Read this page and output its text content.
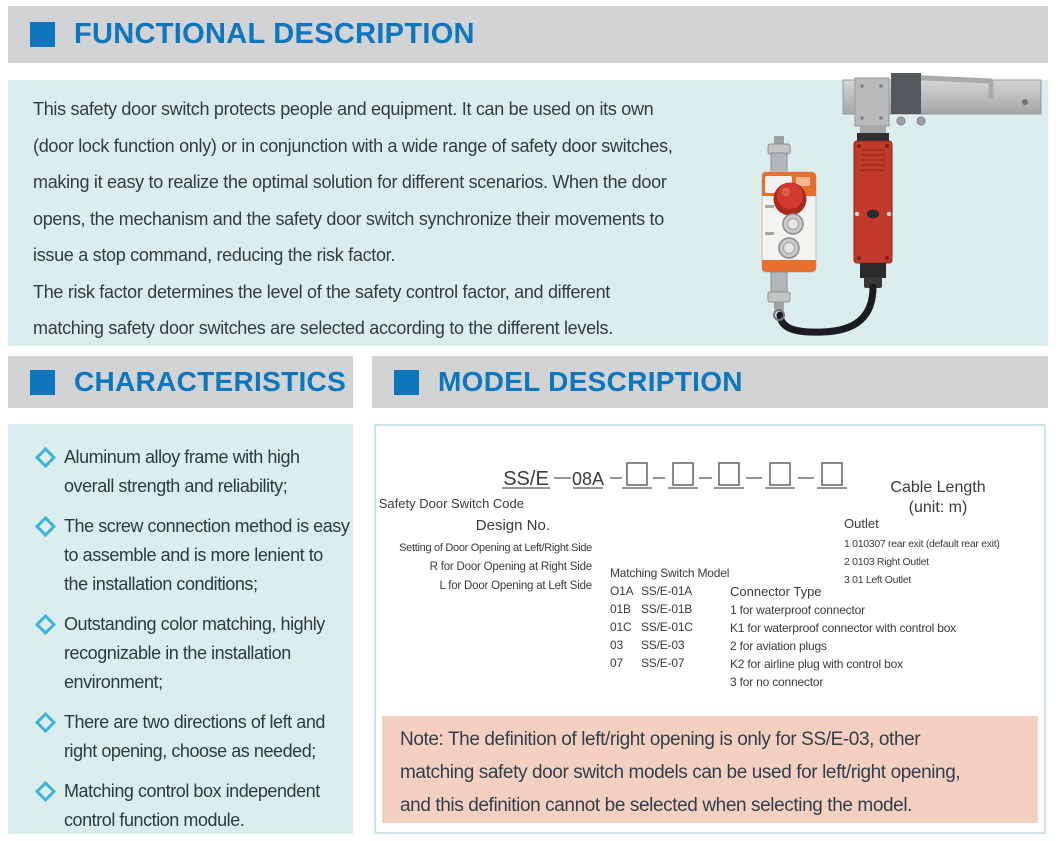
FUNCTIONAL DESCRIPTION
This safety door switch protects people and equipment. It can be used on its own
(door lock function only) or in conjunction with a wide range of safety door switches,
making it easy to realize the optimal solution for different scenarios. When the door
opens, the mechanism and the safety door switch synchronize their movements to
issue a stop command, reducing the risk factor.
The risk factor determines the level of the safety control factor, and different
matching safety door switches are selected according to the different levels.
CHARACTERISTICS	MODEL DESCRIPTION
Aluminum alloy frame with high
overall strength and reliability;
The screw connection method is easy
to assemble and is more lenient to
the installation conditions;
Outstanding color matching, highly
recognizable in the installation
environment;
There are two directions of left and
right opening, choose as needed;
Matching control box independent
control function module.
SS/E 08A
Safety Door Switch Code
Design No.
Setting of Door Opening at Left/Right Side
R for Door Opening at Right Side
L for Door Opening at Left Side
Matching Switch Model
O1A SS/E-01A
01B SS/E-01B
01C SS/E-01C
03 SS/E-03
07 SS/E-07
Connector Type
1 for waterproof connector
K1 for waterproof connector with control box
2 for aviation plugs
K2 for airline plug with control box
3 for no connector
Outlet
1 010307 rear exit (default rear exit)
2 0103 Right Outlet
3 01 Left Outlet
Cable Length
(unit: m)
Note: The definition of left/right opening is only for SS/E-03, other
matching safety door switch models can be used for left/right opening,
and this definition cannot be selected when selecting the model.
